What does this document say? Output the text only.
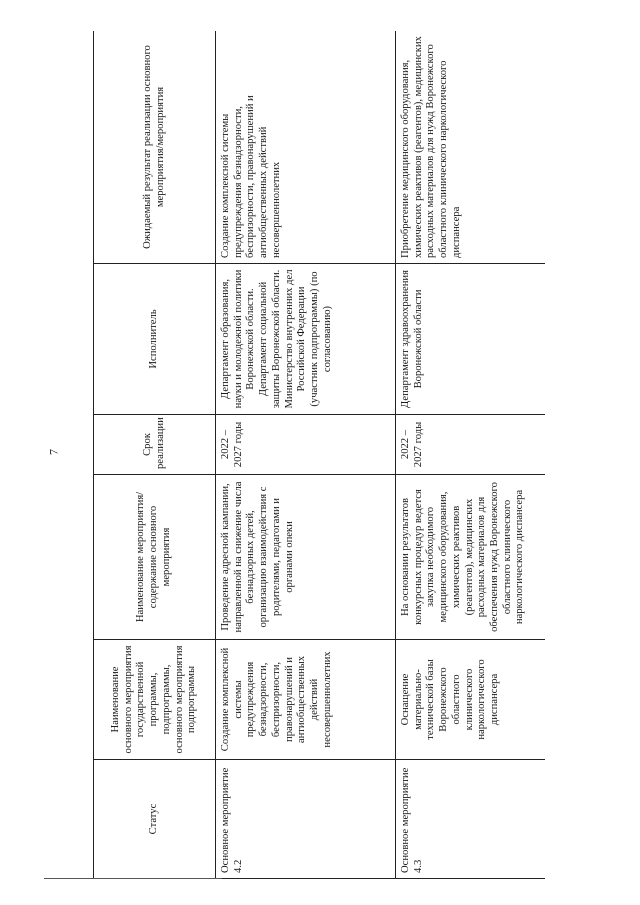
7
Статус	Наименование основного мероприятия государственной программы, подпрограммы, основного мероприятия подпрограммы	Наименование мероприятия/содержание основного мероприятия	Срок реализации	Исполнитель	Ожидаемый результат реализации основного мероприятия/мероприятия
Основное мероприятие 4.2	Создание комплексной системы предупреждения безнадзорности, беспризорности, правонарушений и антиобщественных действий несовершеннолетних	Проведение адресной кампании, направленной на снижение числа безнадзорных детей, организацию взаимодействия с родителями, педагогами и органами опеки	2022 – 2027 годы	Департамент образования, науки и молодежной политики Воронежской области. Департамент социальной защиты Воронежской области. Министерство внутренних дел Российской Федерации (участник подпрограммы) (по согласованию)	Создание комплексной системы предупреждения безнадзорности, беспризорности, правонарушений и антиобщественных действий несовершеннолетних
Основное мероприятие 4.3	Оснащение материально-технической базы Воронежского областного клинического наркологического диспансера	На основании результатов конкурсных процедур ведется закупка необходимого медицинского оборудования, химических реактивов (реагентов), медицинских расходных материалов для обеспечения нужд Воронежского областного клинического наркологического диспансера	2022 – 2027 годы	Департамент здравоохранения Воронежской области	Приобретение медицинского оборудования, химических реактивов (реагентов), медицинских расходных материалов для нужд Воронежского областного клинического наркологического диспансера
